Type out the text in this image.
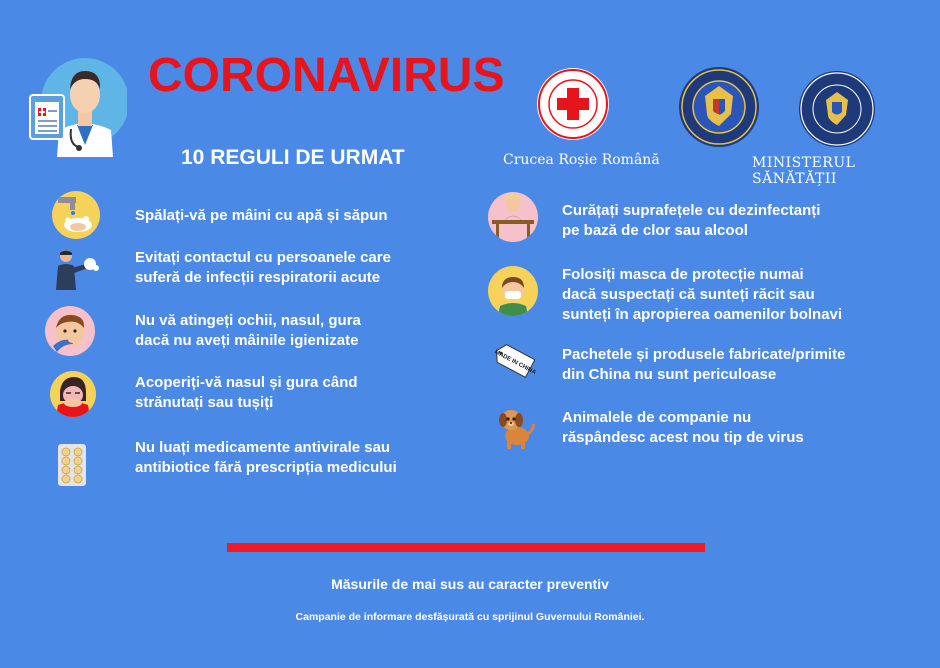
CORONAVIRUS
10 REGULI DE URMAT	Crucea Roșie Română	MINISTERUL SĂNĂTĂȚII
Spălați-vă pe mâini cu apă și săpun
Evitați contactul cu persoanele care
suferă de infecții respiratorii acute
Nu vă atingeți ochii, nasul, gura
dacă nu aveți mâinile igienizate
Acoperiți-vă nasul și gura când
strănutați sau tușiți
Nu luați medicamente antivirale sau
antibiotice fără prescripția medicului
Curățați suprafețele cu dezinfectanți
pe bază de clor sau alcool
Folosiți masca de protecție numai
dacă suspectați că sunteți răcit sau
sunteți în apropierea oamenilor bolnavi
MADE IN CHINA Pachetele și produsele fabricate/primite
din China nu sunt periculoase
Animalele de companie nu
răspândesc acest nou tip de virus
Măsurile de mai sus au caracter preventiv
Campanie de informare desfășurată cu sprijinul Guvernului României.
